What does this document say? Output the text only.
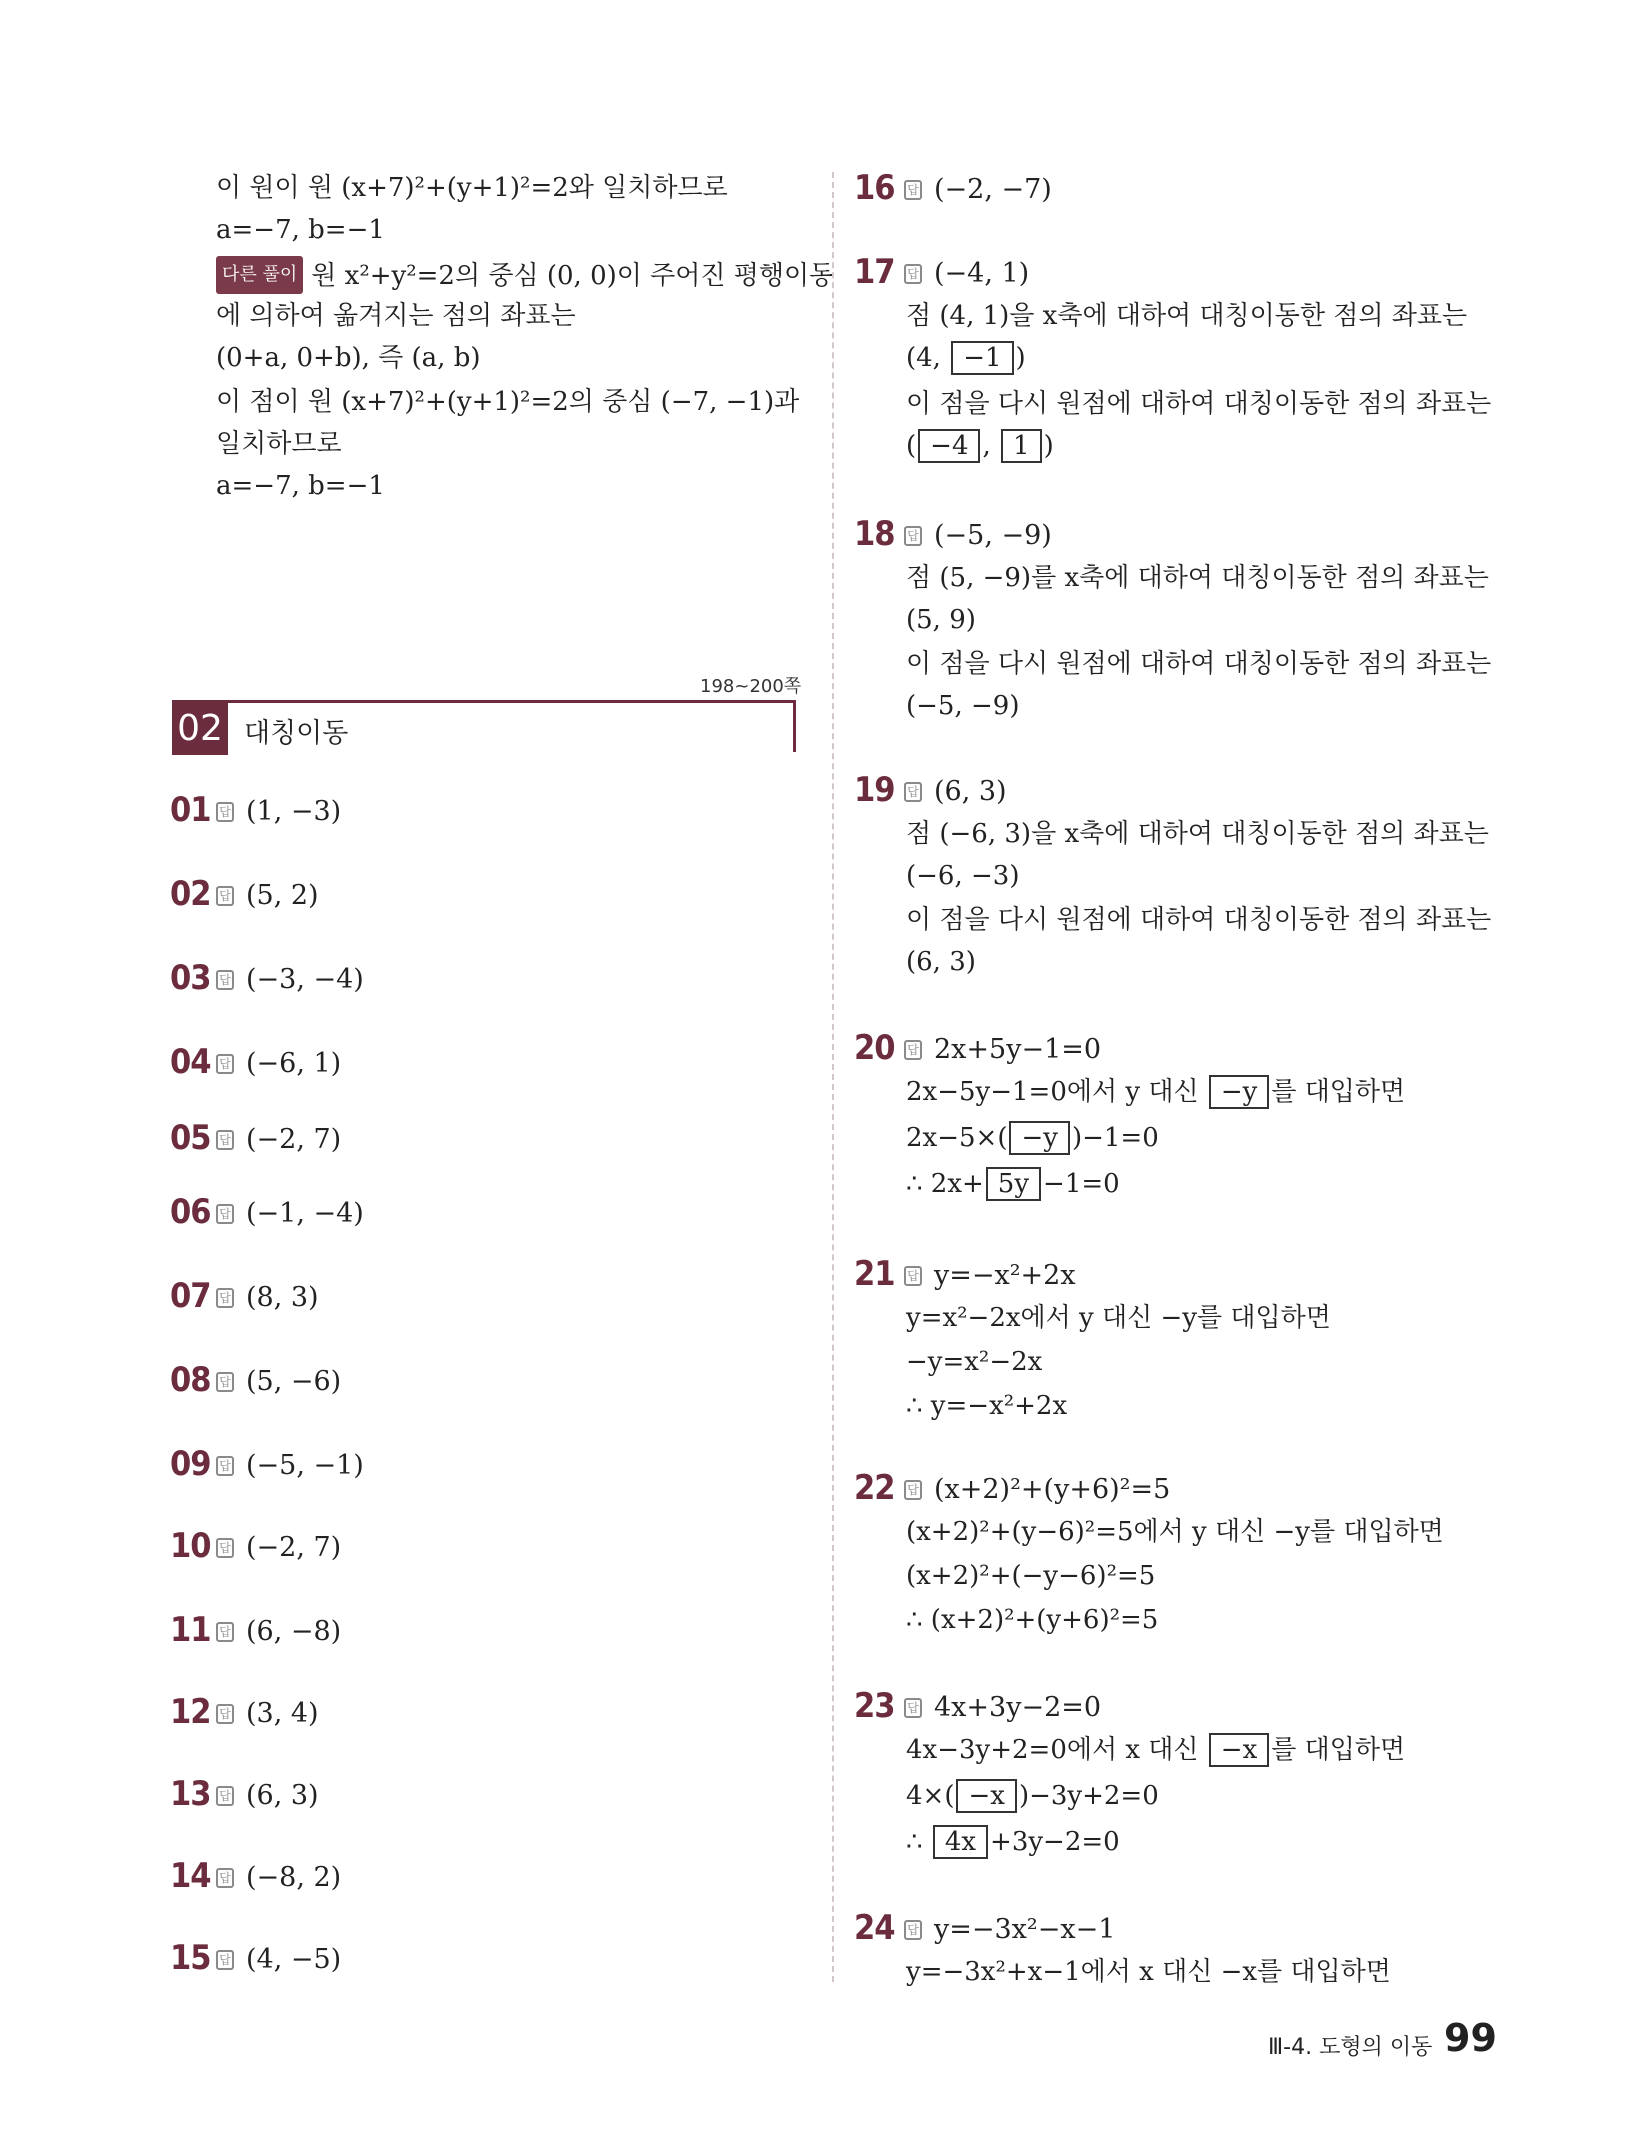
이 원이 원 (x+7)²+(y+1)²=2와 일치하므로
a=−7, b=−1
다른 풀이 원 x²+y²=2의 중심 (0, 0)이 주어진 평행이동
에 의하여 옮겨지는 점의 좌표는
(0+a, 0+b), 즉 (a, b)
이 점이 원 (x+7)²+(y+1)²=2의 중심 (−7, −1)과
일치하므로
a=−7, b=−1
198~200쪽
02 대칭이동
01 답 (1, −3)
02 답 (5, 2)
03 답 (−3, −4)
04 답 (−6, 1)
05 답 (−2, 7)
06 답 (−1, −4)
07 답 (8, 3)
08 답 (5, −6)
09 답 (−5, −1)
10 답 (−2, 7)
11 답 (6, −8)
12 답 (3, 4)
13 답 (6, 3)
14 답 (−8, 2)
15 답 (4, −5)
16 답 (−2, −7)
17 답 (−4, 1)
점 (4, 1)을 x축에 대하여 대칭이동한 점의 좌표는
(4, −1 )
이 점을 다시 원점에 대하여 대칭이동한 점의 좌표는
( −4 , 1 )
18 답 (−5, −9)
점 (5, −9)를 x축에 대하여 대칭이동한 점의 좌표는
(5, 9)
이 점을 다시 원점에 대하여 대칭이동한 점의 좌표는
(−5, −9)
19 답 (6, 3)
점 (−6, 3)을 x축에 대하여 대칭이동한 점의 좌표는
(−6, −3)
이 점을 다시 원점에 대하여 대칭이동한 점의 좌표는
(6, 3)
20 답 2x+5y−1=0
2x−5y−1=0에서 y 대신 −y 를 대입하면
2x−5×( −y )−1=0
∴ 2x+ 5y −1=0
21 답 y=−x²+2x
y=x²−2x에서 y 대신 −y를 대입하면
−y=x²−2x
∴ y=−x²+2x
22 답 (x+2)²+(y+6)²=5
(x+2)²+(y−6)²=5에서 y 대신 −y를 대입하면
(x+2)²+(−y−6)²=5
∴ (x+2)²+(y+6)²=5
23 답 4x+3y−2=0
4x−3y+2=0에서 x 대신 −x 를 대입하면
4×( −x )−3y+2=0
∴ 4x +3y−2=0
24 답 y=−3x²−x−1
y=−3x²+x−1에서 x 대신 −x를 대입하면
Ⅲ-4. 도형의 이동 99
